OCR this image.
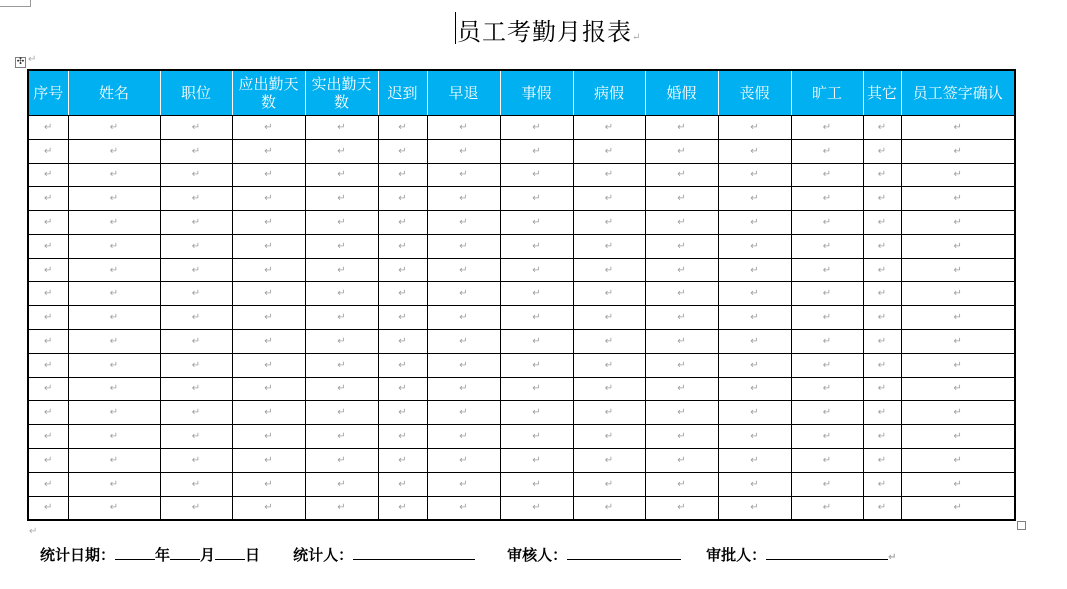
员工考勤月报表↵
✣ ↵
序号	姓名	职位	应出勤天数	实出勤天数	迟到	早退	事假	病假	婚假	丧假	旷工	其它	员工签字确认
↵	↵	↵	↵	↵	↵	↵	↵	↵	↵	↵	↵	↵	↵
↵	↵	↵	↵	↵	↵	↵	↵	↵	↵	↵	↵	↵	↵
↵	↵	↵	↵	↵	↵	↵	↵	↵	↵	↵	↵	↵	↵
↵	↵	↵	↵	↵	↵	↵	↵	↵	↵	↵	↵	↵	↵
↵	↵	↵	↵	↵	↵	↵	↵	↵	↵	↵	↵	↵	↵
↵	↵	↵	↵	↵	↵	↵	↵	↵	↵	↵	↵	↵	↵
↵	↵	↵	↵	↵	↵	↵	↵	↵	↵	↵	↵	↵	↵
↵	↵	↵	↵	↵	↵	↵	↵	↵	↵	↵	↵	↵	↵
↵	↵	↵	↵	↵	↵	↵	↵	↵	↵	↵	↵	↵	↵
↵	↵	↵	↵	↵	↵	↵	↵	↵	↵	↵	↵	↵	↵
↵	↵	↵	↵	↵	↵	↵	↵	↵	↵	↵	↵	↵	↵
↵	↵	↵	↵	↵	↵	↵	↵	↵	↵	↵	↵	↵	↵
↵	↵	↵	↵	↵	↵	↵	↵	↵	↵	↵	↵	↵	↵
↵	↵	↵	↵	↵	↵	↵	↵	↵	↵	↵	↵	↵	↵
↵	↵	↵	↵	↵	↵	↵	↵	↵	↵	↵	↵	↵	↵
↵	↵	↵	↵	↵	↵	↵	↵	↵	↵	↵	↵	↵	↵
↵	↵	↵	↵	↵	↵	↵	↵	↵	↵	↵	↵	↵	↵
↵
统计日期：	年 月 日 统计人：	审核人：	审批人：	↵
